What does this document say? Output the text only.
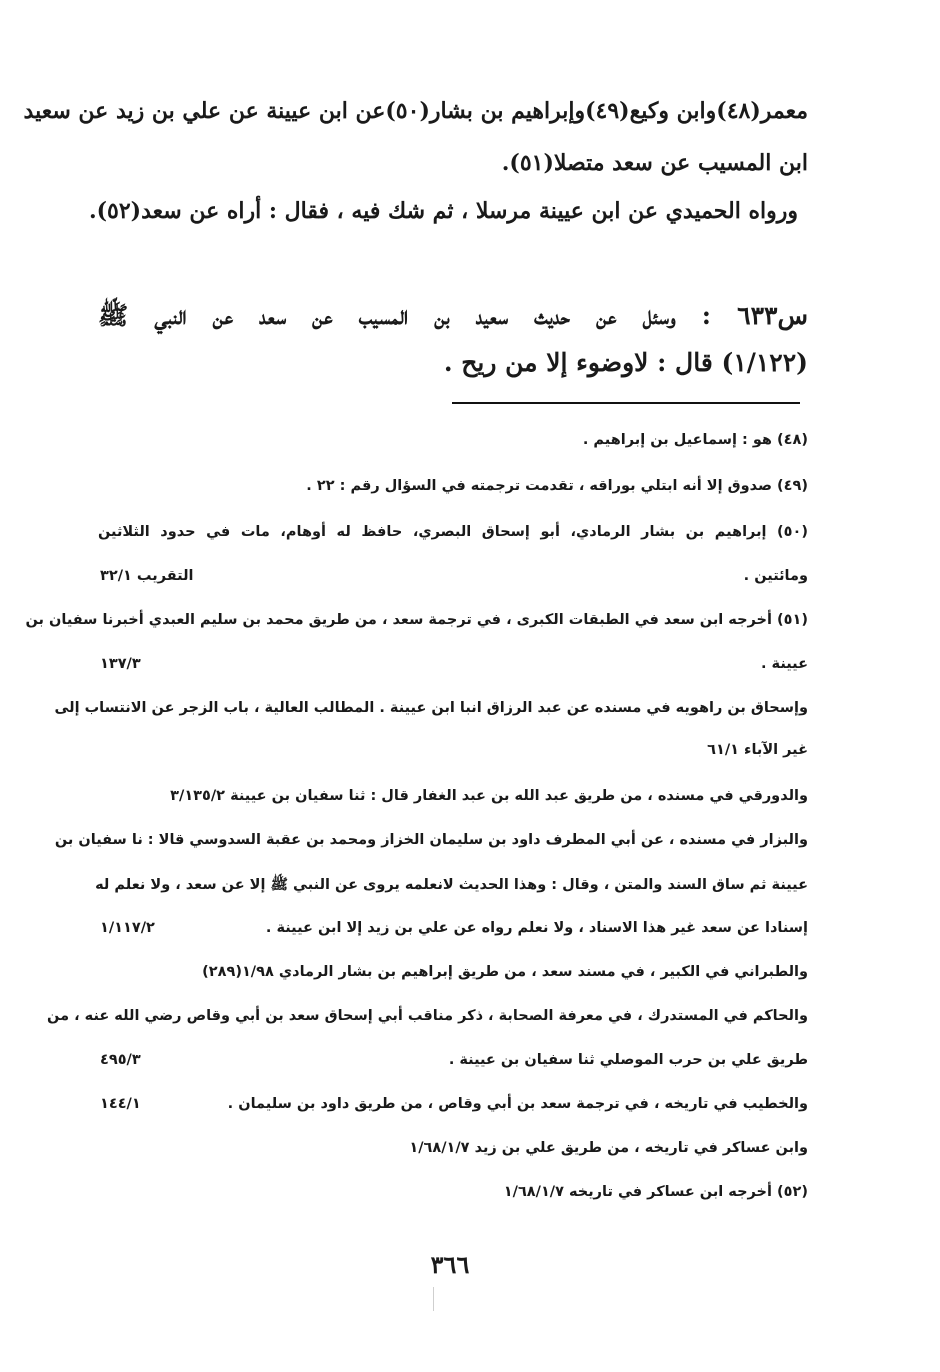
معمر(٤٨)وابن وكيع(٤٩)وإبراهيم بن بشار(٥٠)عن ابن عيينة عن علي بن زيد عن سعيد
ابن المسيب عن سعد متصلا(٥١).
ورواه الحميدي عن ابن عيينة مرسلا ، ثم شك فيه ، فقال : أراه عن سعد(٥٢).
س٦٣٣ : وسئل عن حديث سعيد بن المسيب عن سعد عن النبي ﷺ
(١/١٢٢) قال : لاوضوء إلا من ريح .
(٤٨) هو : إسماعيل بن إبراهيم .
(٤٩) صدوق إلا أنه ابتلي بوراقه ، تقدمت ترجمته في السؤال رقم : ٢٢ .
(٥٠) إبراهيم بن بشار الرمادي، أبو إسحاق البصري، حافظ له أوهام، مات في حدود الثلاثين
ومائتين .
التقريب ٣٢/١
(٥١) أخرجه ابن سعد في الطبقات الكبرى ، في ترجمة سعد ، من طريق محمد بن سليم العبدي أخبرنا سفيان بن
عيينة .
١٣٧/٣
وإسحاق بن راهويه في مسنده عن عبد الرزاق انبا ابن عيينة . المطالب العالية ، باب الزجر عن الانتساب إلى
غير الآباء ٦١/١
والدورقي في مسنده ، من طريق عبد الله بن عبد الغفار قال : ثنا سفيان بن عيينة ٣/١٣٥/٢
والبزار في مسنده ، عن أبي المطرف داود بن سليمان الخزاز ومحمد بن عقبة السدوسي قالا : نا سفيان بن
عيينة ثم ساق السند والمتن ، وقال : وهذا الحديث لانعلمه يروى عن النبي ﷺ إلا عن سعد ، ولا نعلم له
إسنادا عن سعد غير هذا الاسناد ، ولا نعلم رواه عن علي بن زيد إلا ابن عيينة .
١/١١٧/٢
والطبراني في الكبير ، في مسند سعد ، من طريق إبراهيم بن بشار الرمادي ١/٩٨(٢٨٩)
والحاكم في المستدرك ، في معرفة الصحابة ، ذكر مناقب أبي إسحاق سعد بن أبي وقاص رضي الله عنه ، من
طريق علي بن حرب الموصلي ثنا سفيان بن عيينة .
٤٩٥/٣
والخطيب في تاريخه ، في ترجمة سعد بن أبي وقاص ، من طريق داود بن سليمان .
١٤٤/١
وابن عساكر في تاريخه ، من طريق علي بن زيد ١/٦٨/١/٧
(٥٢) أخرجه ابن عساكر في تاريخه ١/٦٨/١/٧
٣٦٦
